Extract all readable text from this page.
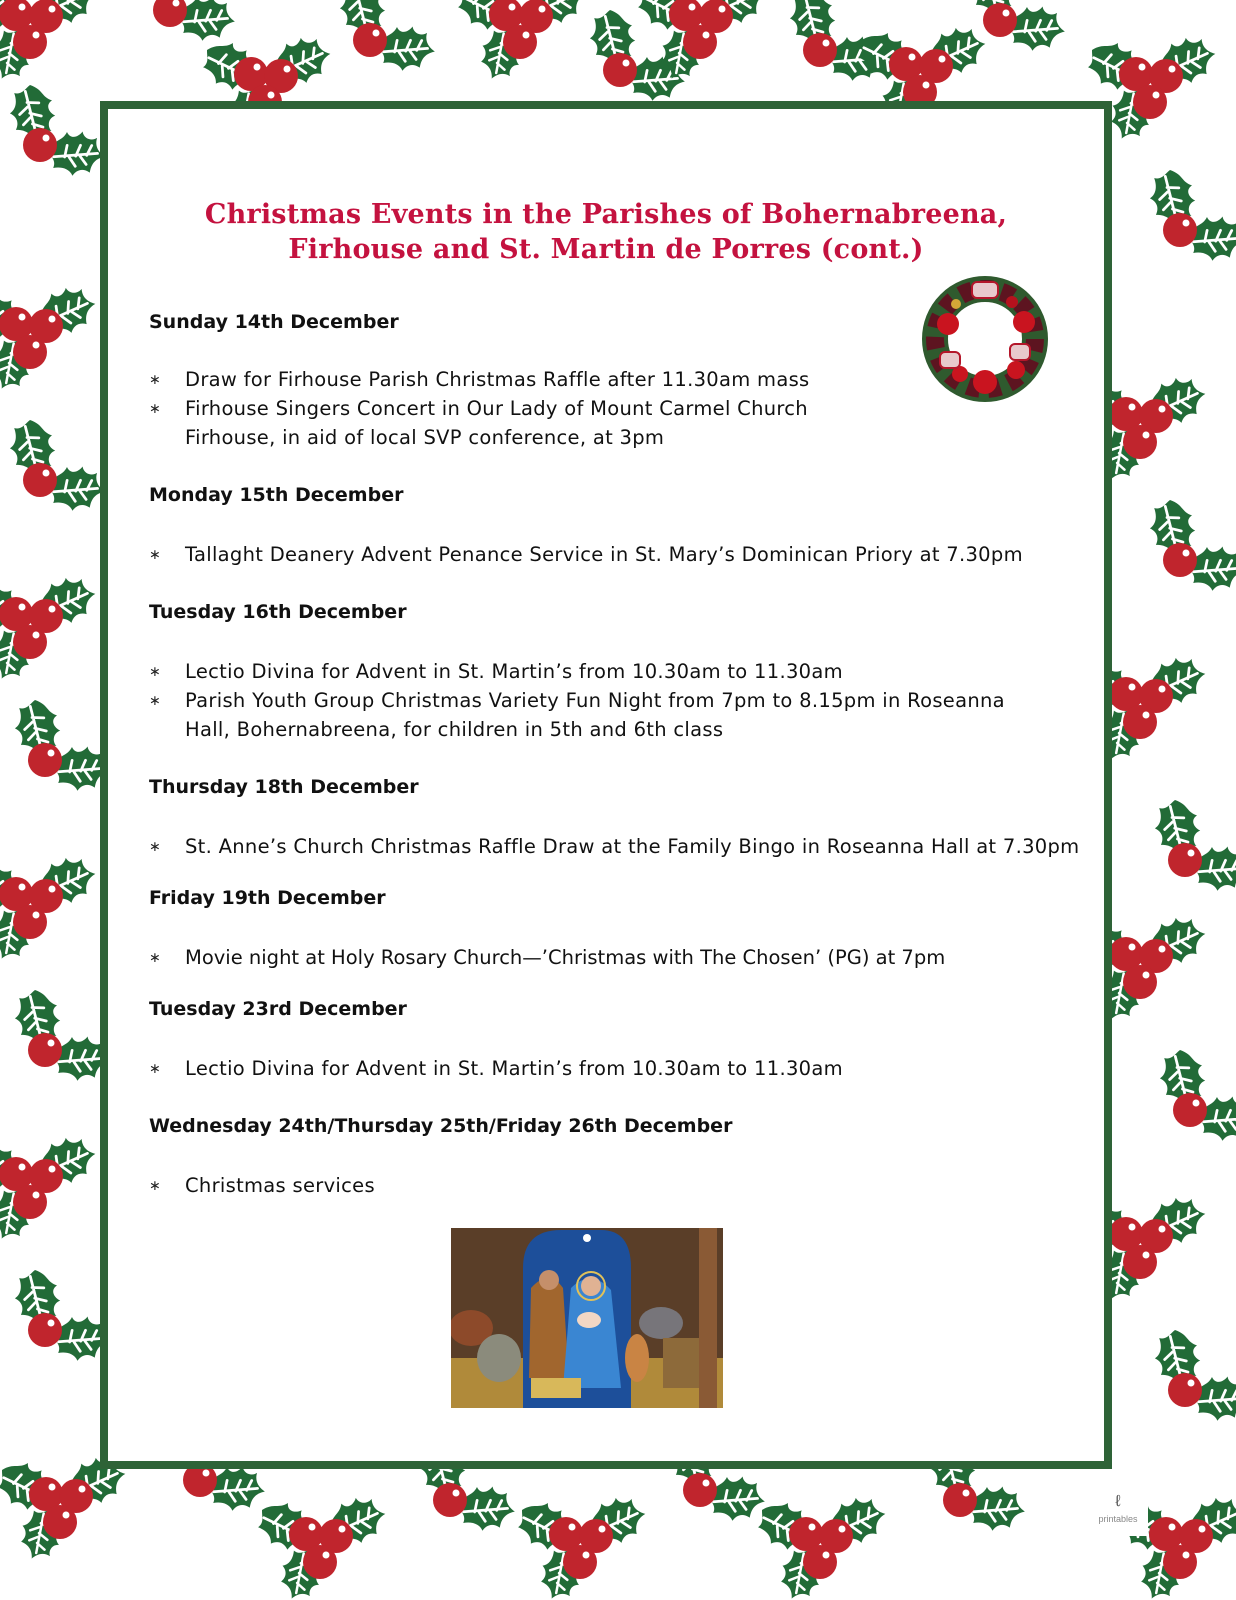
Christmas Events in the Parishes of Bohernabreena,
Firhouse and St. Martin de Porres (cont.)
Sunday 14th December
∗ Draw for Firhouse Parish Christmas Raffle after 11.30am mass
∗ Firhouse Singers Concert in Our Lady of Mount Carmel Church Firhouse, in aid of local SVP conference, at 3pm
Monday 15th December
∗ Tallaght Deanery Advent Penance Service in St. Mary’s Dominican Priory at 7.30pm
Tuesday 16th December
∗ Lectio Divina for Advent in St. Martin’s from 10.30am to 11.30am
∗ Parish Youth Group Christmas Variety Fun Night from 7pm to 8.15pm in Roseanna Hall, Bohernabreena, for children in 5th and 6th class
Thursday 18th December
∗ St. Anne’s Church Christmas Raffle Draw at the Family Bingo in Roseanna Hall at 7.30pm
Friday 19th December
∗ Movie night at Holy Rosary Church—’Christmas with The Chosen’ (PG) at 7pm
Tuesday 23rd December
∗ Lectio Divina for Advent in St. Martin’s from 10.30am to 11.30am
Wednesday 24th/Thursday 25th/Friday 26th December
∗ Christmas services
ℓ
printables
